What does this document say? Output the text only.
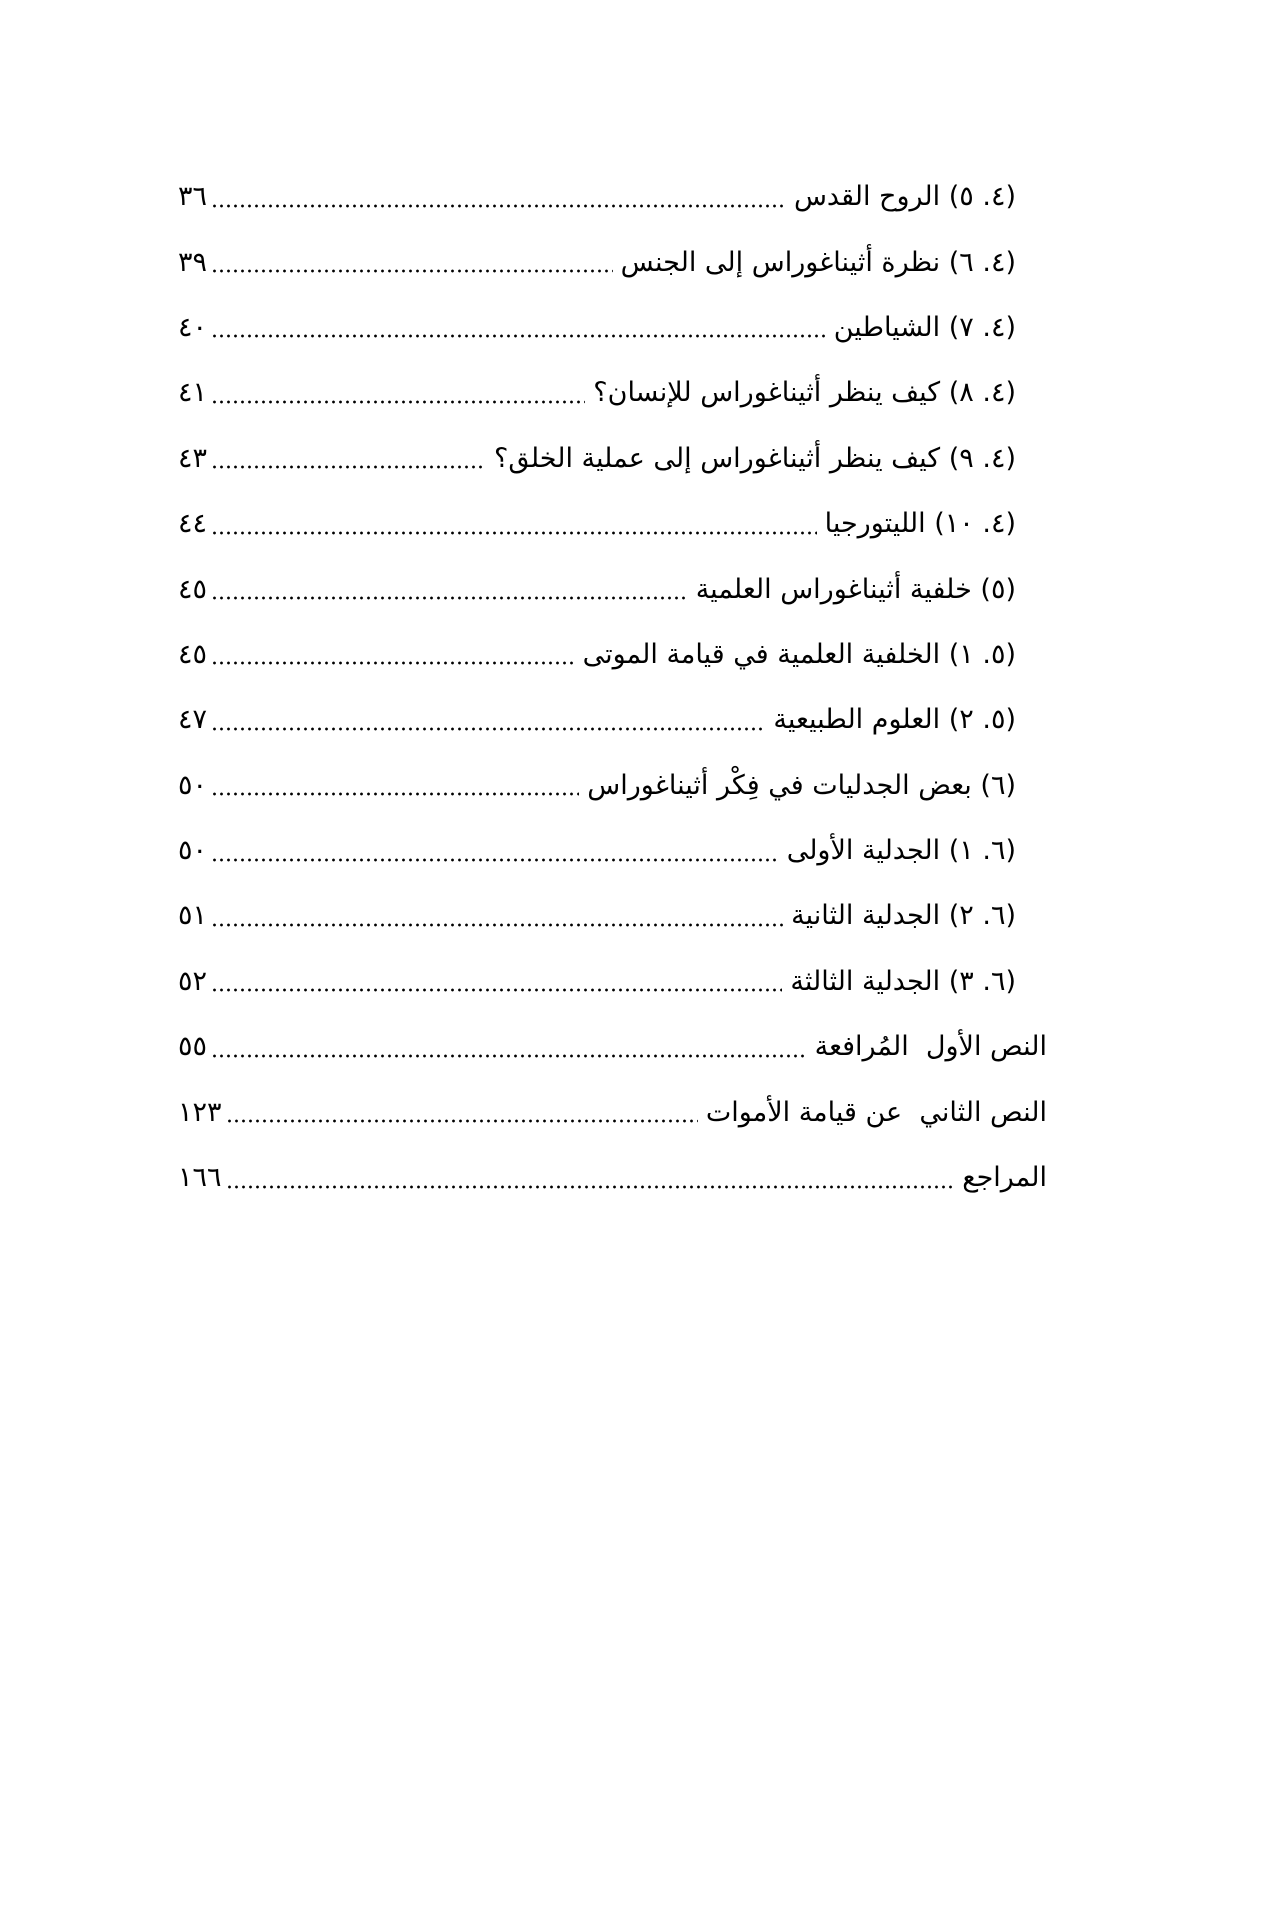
(٤. ٥) الروح القدس
٣٦
(٤. ٦) نظرة أثيناغوراس إلى الجنس
٣٩
(٤. ٧) الشياطين
٤٠
(٤. ٨) كيف ينظر أثيناغوراس للإنسان؟
٤١
(٤. ٩) كيف ينظر أثيناغوراس إلى عملية الخلق؟
٤٣
(٤. ١٠) الليتورجيا
٤٤
(٥) خلفية أثيناغوراس العلمية
٤٥
(٥. ١) الخلفية العلمية في قيامة الموتى
٤٥
(٥. ٢) العلوم الطبيعية
٤٧
(٦) بعض الجدليات في فِكْر أثيناغوراس
٥٠
(٦. ١) الجدلية الأولى
٥٠
(٦. ٢) الجدلية الثانية
٥١
(٦. ٣) الجدلية الثالثة
٥٢
النص الأول  المُرافعة
٥٥
النص الثاني  عن قيامة الأموات
١٢٣
المراجع
١٦٦
